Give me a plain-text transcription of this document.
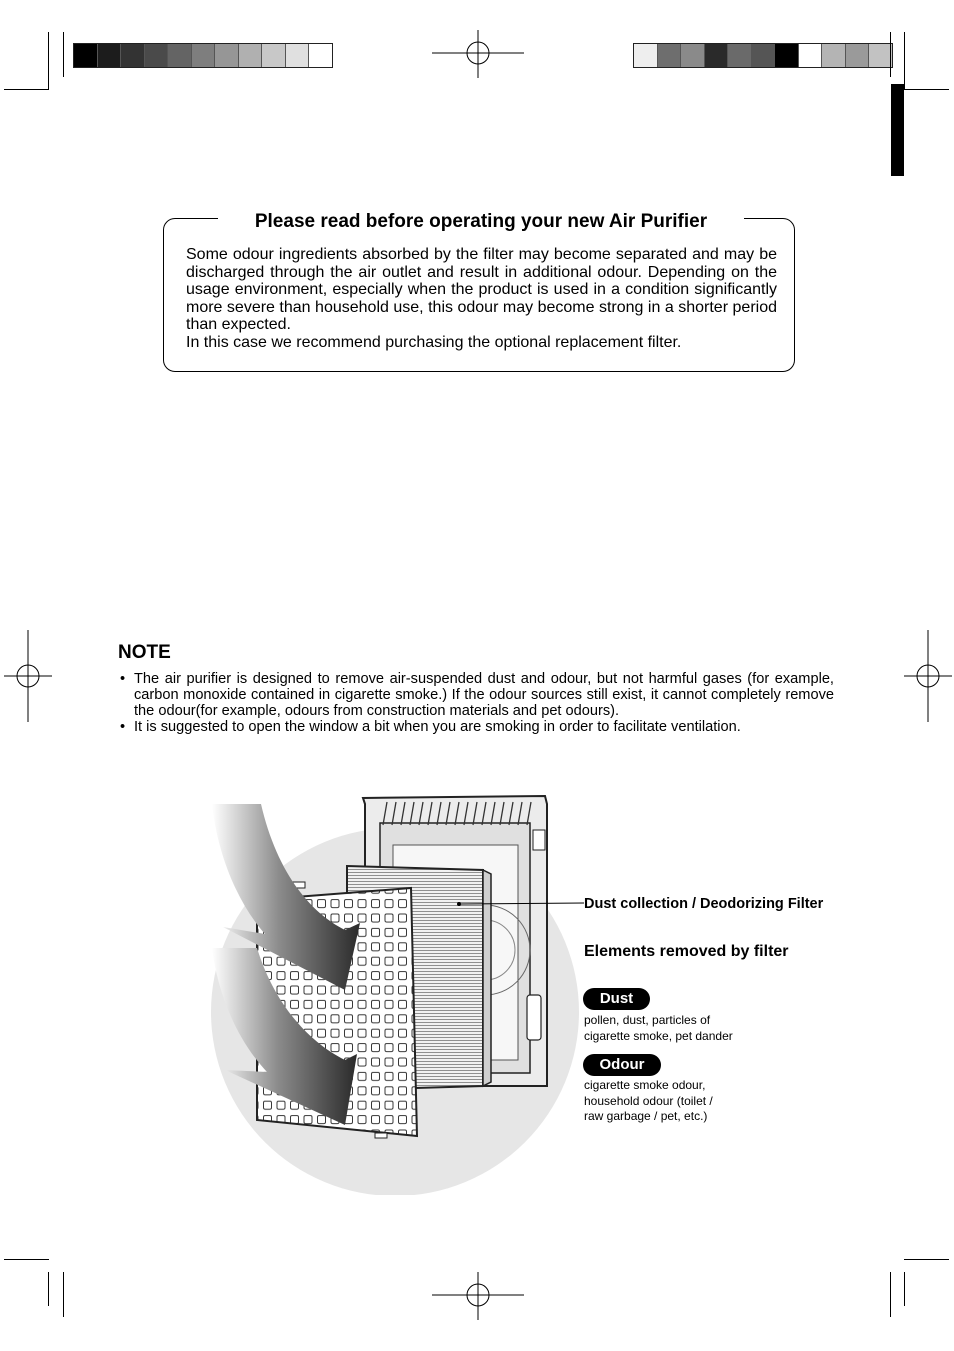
Please read before operating your new Air Purifier

Some odour ingredients absorbed by the filter may become separated and may be discharged through the air outlet and result in additional odour. Depending on the usage environment, especially when the product is used in a condition significantly more severe than household use, this odour may become strong in a shorter period than expected.

In this case we recommend purchasing the optional replacement filter.

NOTE
• The air purifier is designed to remove air-suspended dust and odour, but not harmful gases (for example, carbon monoxide contained in cigarette smoke.) If the odour sources still exist, it cannot completely remove the odour(for example, odours from construction materials and pet odours).
• It is suggested to open the window a bit when you are smoking in order to facilitate ventilation.
Dust collection / Deodorizing Filter
Elements removed by filter
Dust
pollen, dust, particles of cigarette smoke, pet dander
Odour
cigarette smoke odour, household odour (toilet / raw garbage / pet, etc.)
